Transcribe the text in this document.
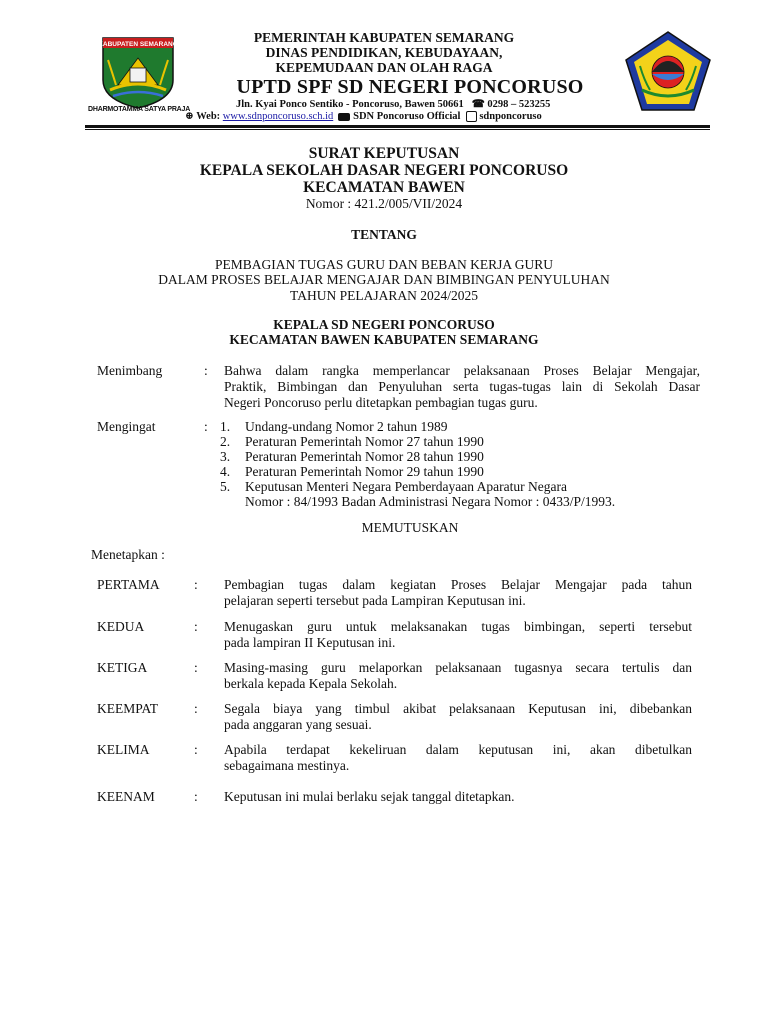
KABUPATEN SEMARANG
DHARMOTAMMA SATYA PRAJA
PEMERINTAH KABUPATEN SEMARANG
DINAS PENDIDIKAN, KEBUDAYAAN,
KEPEMUDAAN DAN OLAH RAGA
UPTD SPF SD NEGERI PONCORUSO
Jln. Kyai Ponco Sentiko - Poncoruso, Bawen 50661 ☎ 0298 – 523255
⊕ Web: www.sdnponcoruso.sch.id SDN Poncoruso Official sdnponcoruso
SURAT KEPUTUSAN
KEPALA SEKOLAH DASAR NEGERI PONCORUSO
KECAMATAN BAWEN
Nomor : 421.2/005/VII/2024
TENTANG
PEMBAGIAN TUGAS GURU DAN BEBAN KERJA GURU
DALAM PROSES BELAJAR MENGAJAR DAN BIMBINGAN PENYULUHAN
TAHUN PELAJARAN 2024/2025
KEPALA SD NEGERI PONCORUSO
KECAMATAN BAWEN KABUPATEN SEMARANG
Menimbang	: Bahwa dalam rangka memperlancar pelaksanaan Proses Belajar Mengajar,
Praktik, Bimbingan dan Penyuluhan serta tugas-tugas lain di Sekolah Dasar
Negeri Poncoruso perlu ditetapkan pembagian tugas guru.
Mengingat	: 1.	Undang-undang Nomor 2 tahun 1989
2.	Peraturan Pemerintah Nomor 27 tahun 1990
3.	Peraturan Pemerintah Nomor 28 tahun 1990
4.	Peraturan Pemerintah Nomor 29 tahun 1990
5.	Keputusan Menteri Negara Pemberdayaan Aparatur Negara
Nomor : 84/1993 Badan Administrasi Negara Nomor : 0433/P/1993.
MEMUTUSKAN
Menetapkan :
PERTAMA	: Pembagian tugas dalam kegiatan Proses Belajar Mengajar pada tahun
pelajaran seperti tersebut pada Lampiran Keputusan ini.
KEDUA	: Menugaskan guru untuk melaksanakan tugas bimbingan, seperti tersebut
pada lampiran II Keputusan ini.
KETIGA	: Masing-masing guru melaporkan pelaksanaan tugasnya secara tertulis dan
berkala kepada Kepala Sekolah.
KEEMPAT	: Segala biaya yang timbul akibat pelaksanaan Keputusan ini, dibebankan
pada anggaran yang sesuai.
KELIMA	: Apabila terdapat kekeliruan dalam keputusan ini, akan dibetulkan
sebagaimana mestinya.
KEENAM	: Keputusan ini mulai berlaku sejak tanggal ditetapkan.
